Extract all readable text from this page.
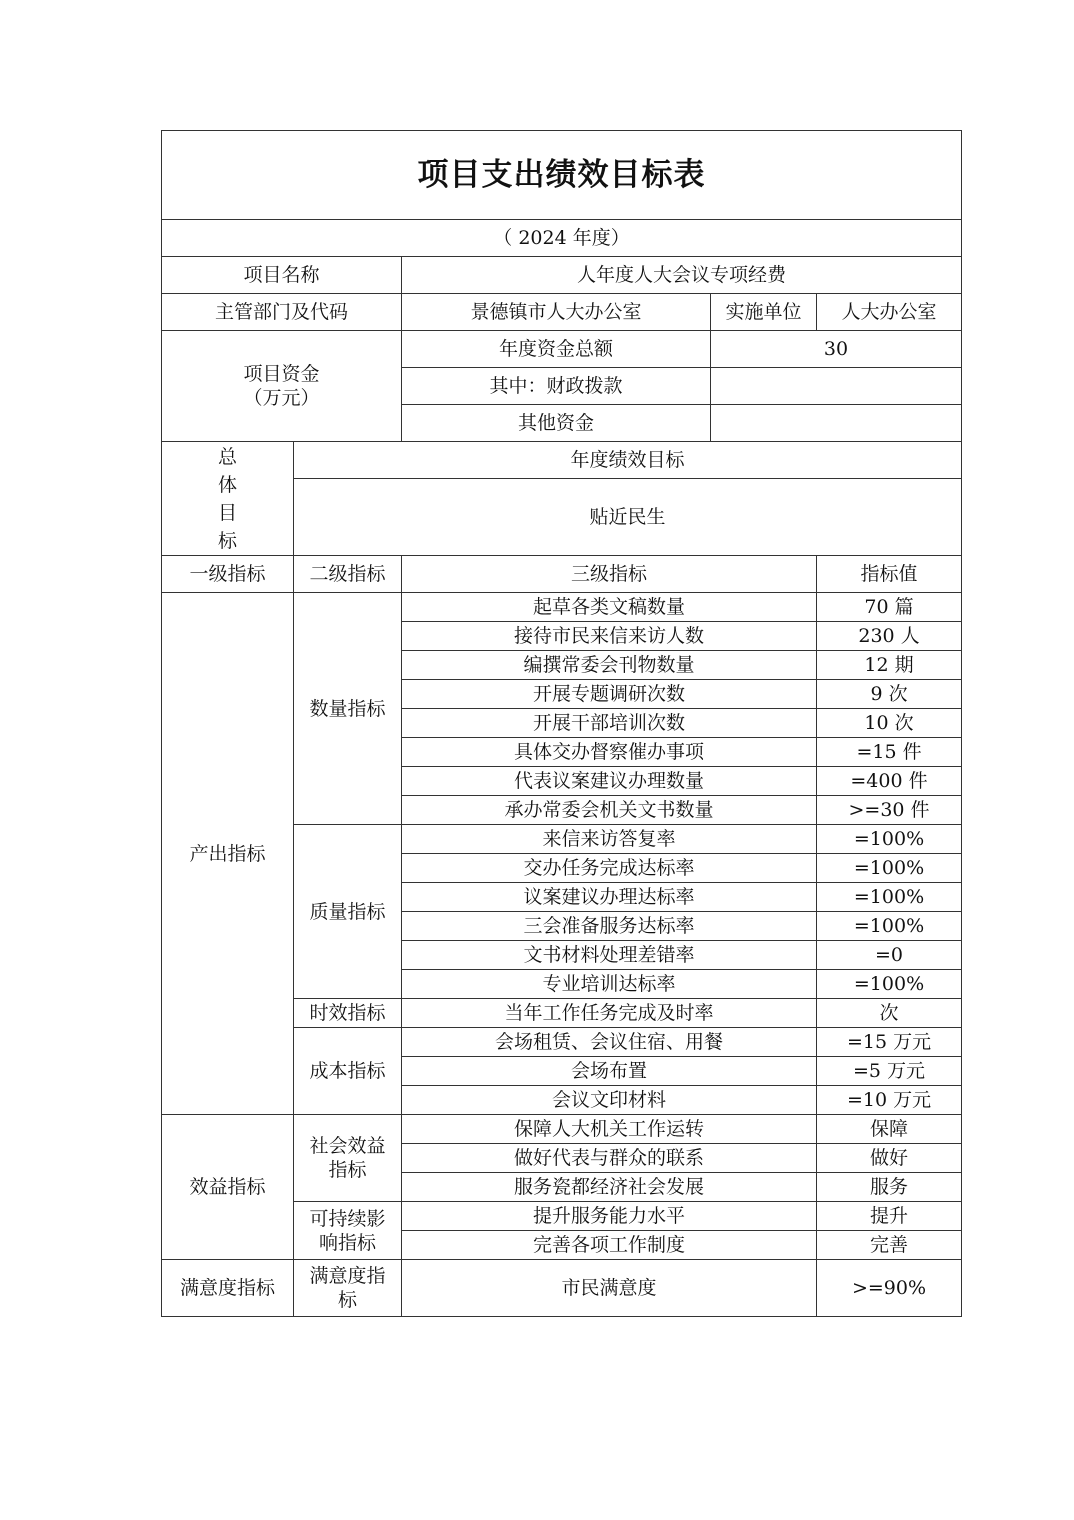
项目支出绩效目标表				
（ 2024 年度）				
项目名称		人年度人大会议专项经费		
主管部门及代码		景德镇市人大办公室	实施单位	人大办公室
项目资金
（万元）		年度资金总额	30	
		其中：财政拨款		
		其他资金		
总体目标	年度绩效目标			
	贴近民生			
一级指标	二级指标	三级指标		指标值
产出指标	数量指标	起草各类文稿数量		70 篇
		接待市民来信来访人数		230 人
		编撰常委会刊物数量		12 期
		开展专题调研次数		9 次
		开展干部培训次数		10 次
		具体交办督察催办事项		=15 件
		代表议案建议办理数量		=400 件
		承办常委会机关文书数量		>=30 件
	质量指标	来信来访答复率		=100%
		交办任务完成达标率		=100%
		议案建议办理达标率		=100%
		三会准备服务达标率		=100%
		文书材料处理差错率		=0
		专业培训达标率		=100%
	时效指标	当年工作任务完成及时率		次
	成本指标	会场租赁、会议住宿、用餐		=15 万元
		会场布置		=5 万元
		会议文印材料		=10 万元
效益指标	社会效益指标	保障人大机关工作运转		保障
		做好代表与群众的联系		做好
		服务瓷都经济社会发展		服务
	可持续影响指标	提升服务能力水平		提升
		完善各项工作制度		完善
满意度指标	满意度指标	市民满意度		>=90%
